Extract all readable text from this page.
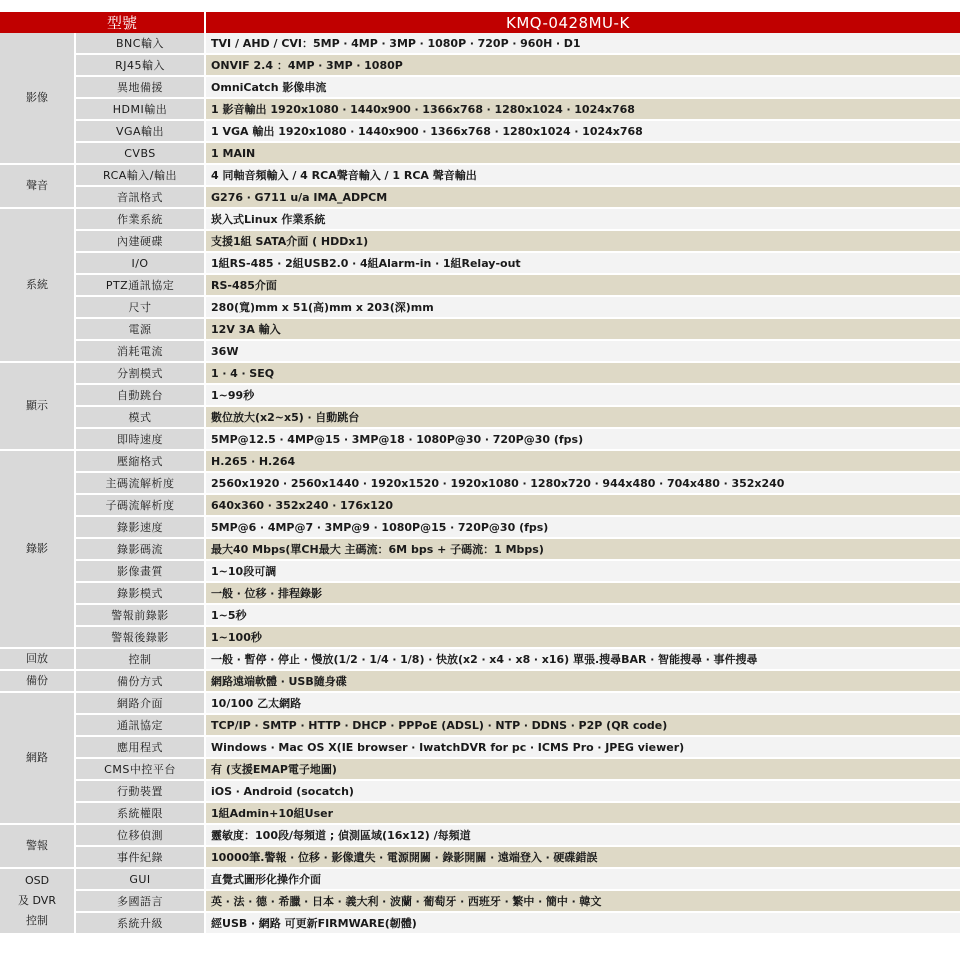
型號		KMQ-0428MU-K
影像	BNC輸入	TVI / AHD / CVI：5MP ‧ 4MP ‧ 3MP ‧ 1080P ‧ 720P ‧ 960H ‧ D1
	RJ45輸入	ONVIF 2.4 ：4MP ‧ 3MP ‧ 1080P
	異地備援	OmniCatch 影像串流
	HDMI輸出	1 影音輸出 1920x1080 ‧ 1440x900 ‧ 1366x768 ‧ 1280x1024 ‧ 1024x768
	VGA輸出	1 VGA 輸出 1920x1080 ‧ 1440x900 ‧ 1366x768 ‧ 1280x1024 ‧ 1024x768
	CVBS	1 MAIN
聲音	RCA輸入/輸出	4 同軸音頻輸入 / 4 RCA聲音輸入 / 1 RCA 聲音輸出
	音訊格式	G276 ‧ G711 u/a IMA_ADPCM
系統	作業系統	崁入式Linux 作業系統
	內建硬碟	支援1組 SATA介面 ( HDDx1)
	I/O	1組RS-485 ‧ 2組USB2.0 ‧ 4組Alarm-in ‧ 1組Relay-out
	PTZ通訊協定	RS-485介面
	尺寸	280(寬)mm x 51(高)mm x 203(深)mm
	電源	12V 3A 輸入
	消耗電流	36W
顯示	分割模式	1 ‧ 4 ‧ SEQ
	自動跳台	1~99秒
	模式	數位放大(x2~x5) ‧ 自動跳台
	即時速度	5MP@12.5 ‧ 4MP@15 ‧ 3MP@18 ‧ 1080P@30 ‧ 720P@30 (fps)
錄影	壓縮格式	H.265 ‧ H.264
	主碼流解析度	2560x1920 ‧ 2560x1440 ‧ 1920x1520 ‧ 1920x1080 ‧ 1280x720 ‧ 944x480 ‧ 704x480 ‧ 352x240
	子碼流解析度	640x360 ‧ 352x240 ‧ 176x120
	錄影速度	5MP@6 ‧ 4MP@7 ‧ 3MP@9 ‧ 1080P@15 ‧ 720P@30 (fps)
	錄影碼流	最大40 Mbps(單CH最大 主碼流：6M bps + 子碼流：1 Mbps)
	影像畫質	1~10段可調
	錄影模式	一般 ‧ 位移 ‧ 排程錄影
	警報前錄影	1~5秒
	警報後錄影	1~100秒
回放	控制	一般 ‧ 暫停 ‧ 停止 ‧ 慢放(1/2 ‧ 1/4 ‧ 1/8) ‧ 快放(x2 ‧ x4 ‧ x8 ‧ x16) 單張.搜尋BAR ‧ 智能搜尋 ‧ 事件搜尋
備份	備份方式	網路遠端軟體 ‧ USB隨身碟
網路	網路介面	10/100 乙太網路
	通訊協定	TCP/IP ‧ SMTP ‧ HTTP ‧ DHCP ‧ PPPoE (ADSL) ‧ NTP ‧ DDNS ‧ P2P (QR code)
	應用程式	Windows ‧ Mac OS X(IE browser ‧ IwatchDVR for pc ‧ ICMS Pro ‧ JPEG viewer)
	CMS中控平台	有 (支援EMAP電子地圖)
	行動裝置	iOS ‧ Android (socatch)
	系統權限	1組Admin+10組User
警報	位移偵測	靈敏度：100段/每頻道 ; 偵測區域(16x12) /每頻道
	事件紀錄	10000筆.警報 ‧ 位移 ‧ 影像遺失 ‧ 電源開關 ‧ 錄影開關 ‧ 遠端登入 ‧ 硬碟錯誤
OSD
及 DVR
控制	GUI	直覺式圖形化操作介面
	多國語言	英 ‧ 法 ‧ 德 ‧ 希臘 ‧ 日本 ‧ 義大利 ‧ 波蘭 ‧ 葡萄牙 ‧ 西班牙 ‧ 繁中 ‧ 簡中 ‧ 韓文
	系統升級	經USB ‧ 網路 可更新FIRMWARE(韌體)
